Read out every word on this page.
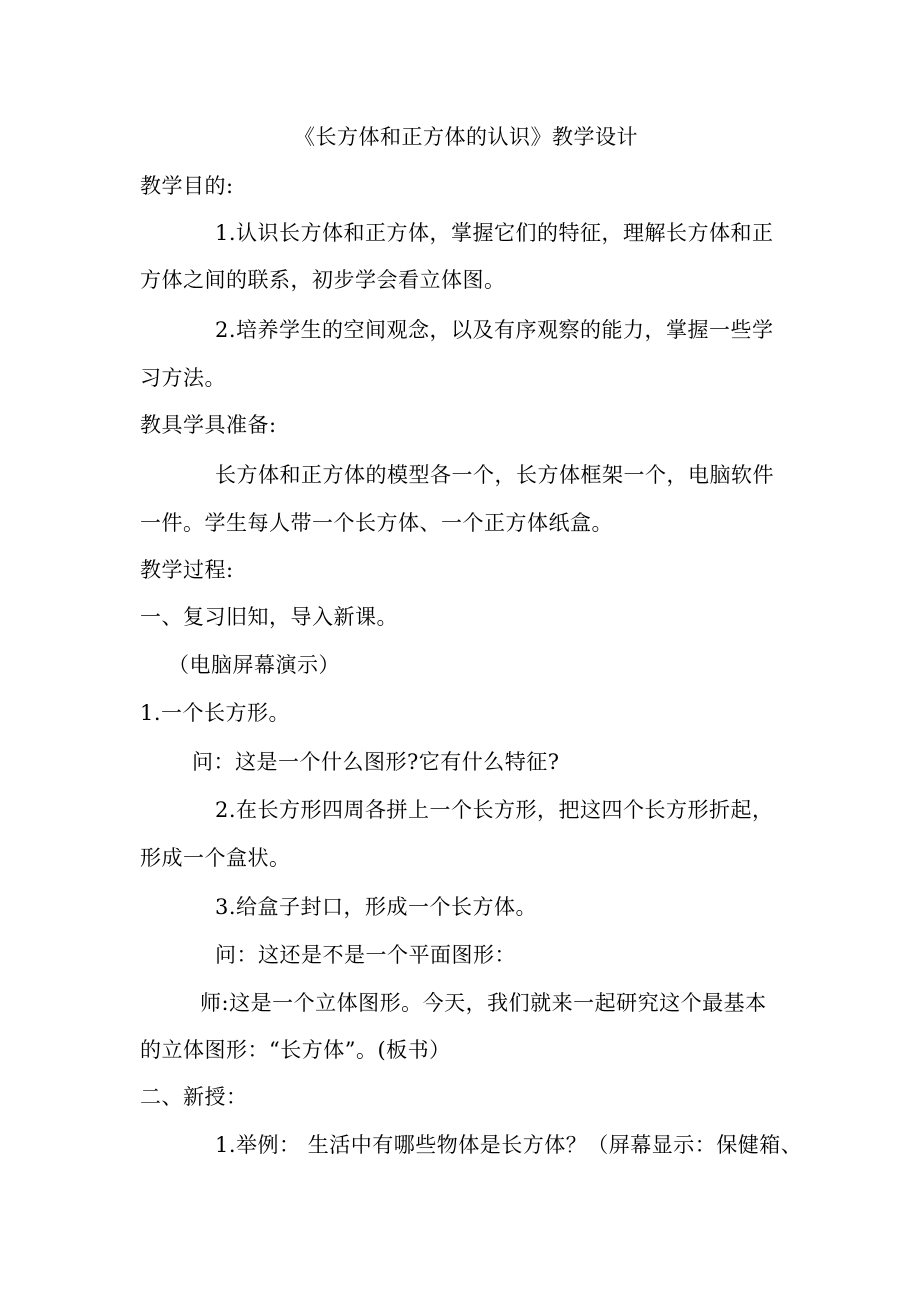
《长方体和正方体的认识》教学设计
教学目的:
1.认识长方体和正方体，掌握它们的特征，理解长方体和正
方体之间的联系，初步学会看立体图。
2.培养学生的空间观念，以及有序观察的能力，掌握一些学
习方法。
教具学具准备:
长方体和正方体的模型各一个，长方体框架一个，电脑软件
一件。学生每人带一个长方体、一个正方体纸盒。
教学过程:
一、复习旧知，导入新课。
（电脑屏幕演示）
1.一个长方形。
问：这是一个什么图形?它有什么特征?
2.在长方形四周各拼上一个长方形，把这四个长方形折起，
形成一个盒状。
3.给盒子封口，形成一个长方体。
问：这还是不是一个平面图形：
师:这是一个立体图形。今天，我们就来一起研究这个最基本
的立体图形：“长方体”。(板书）
二、新授：
1.举例： 生活中有哪些物体是长方体？（屏幕显示：保健箱、
